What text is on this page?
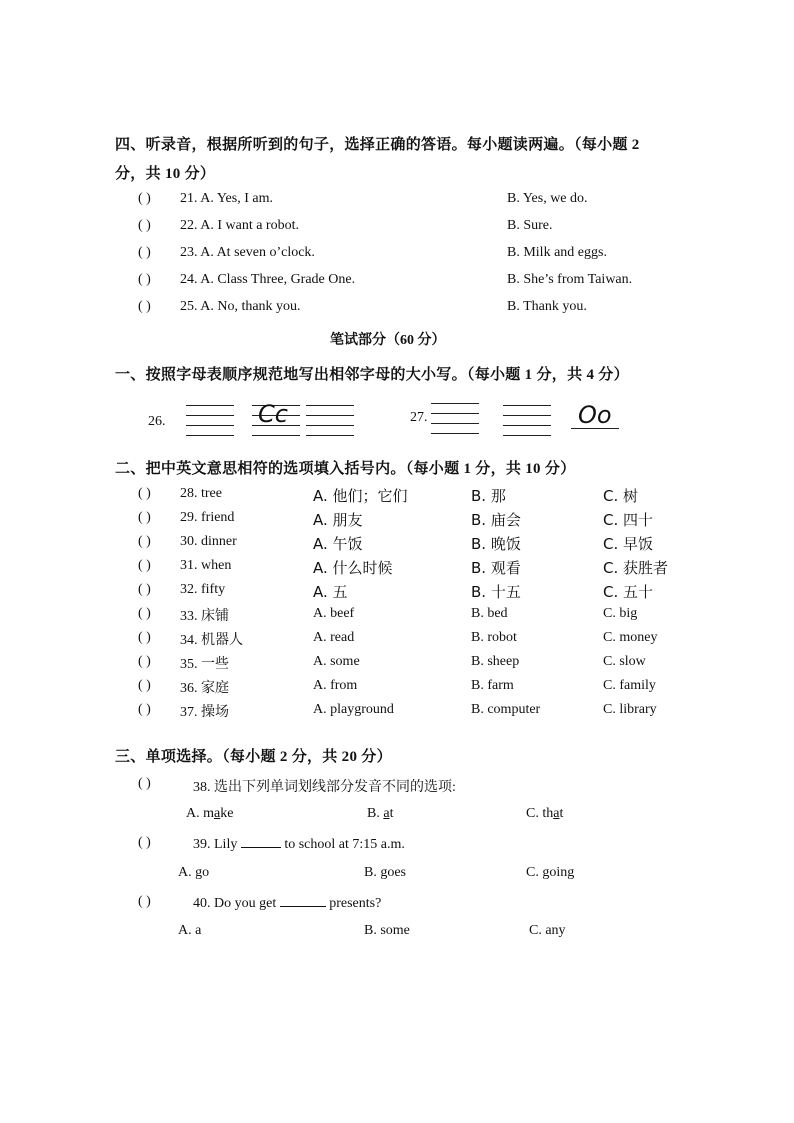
四、听录音，根据所听到的句子，选择正确的答语。每小题读两遍。（每小题 2
分，共 10 分）
( ) 21. A. Yes, I am.	B. Yes, we do.
( ) 22. A. I want a robot.	B. Sure.
( ) 23. A. At seven o’clock.	B. Milk and eggs.
( ) 24. A. Class Three, Grade One.	B. She’s from Taiwan.
( ) 25. A. No, thank you.	B. Thank you.
笔试部分（60 分）
一、按照字母表顺序规范地写出相邻字母的大小写。（每小题 1 分，共 4 分）
26.	Cc	27.	Oo
二、把中英文意思相符的选项填入括号内。（每小题 1 分，共 10 分）
( ) 28. tree	A. 他们；它们	B. 那	C. 树
( ) 29. friend	A. 朋友	B. 庙会	C. 四十
( ) 30. dinner	A. 午饭	B. 晚饭	C. 早饭
( ) 31. when	A. 什么时候	B. 观看	C. 获胜者
( ) 32. fifty	A. 五	B. 十五	C. 五十
( ) 33. 床铺	A. beef	B. bed	C. big
( ) 34. 机器人	A. read	B. robot	C. money
( ) 35. 一些	A. some	B. sheep	C. slow
( ) 36. 家庭	A. from	B. farm	C. family
( ) 37. 操场	A. playground	B. computer	C. library
三、单项选择。（每小题 2 分，共 20 分）
( )	38. 选出下列单词划线部分发音不同的选项:
A. make	B. at	C. that
( )	39. Lily	to school at 7:15 a.m.
A. go	B. goes	C. going
( )	40. Do you get	presents?
A. a	B. some	C. any
